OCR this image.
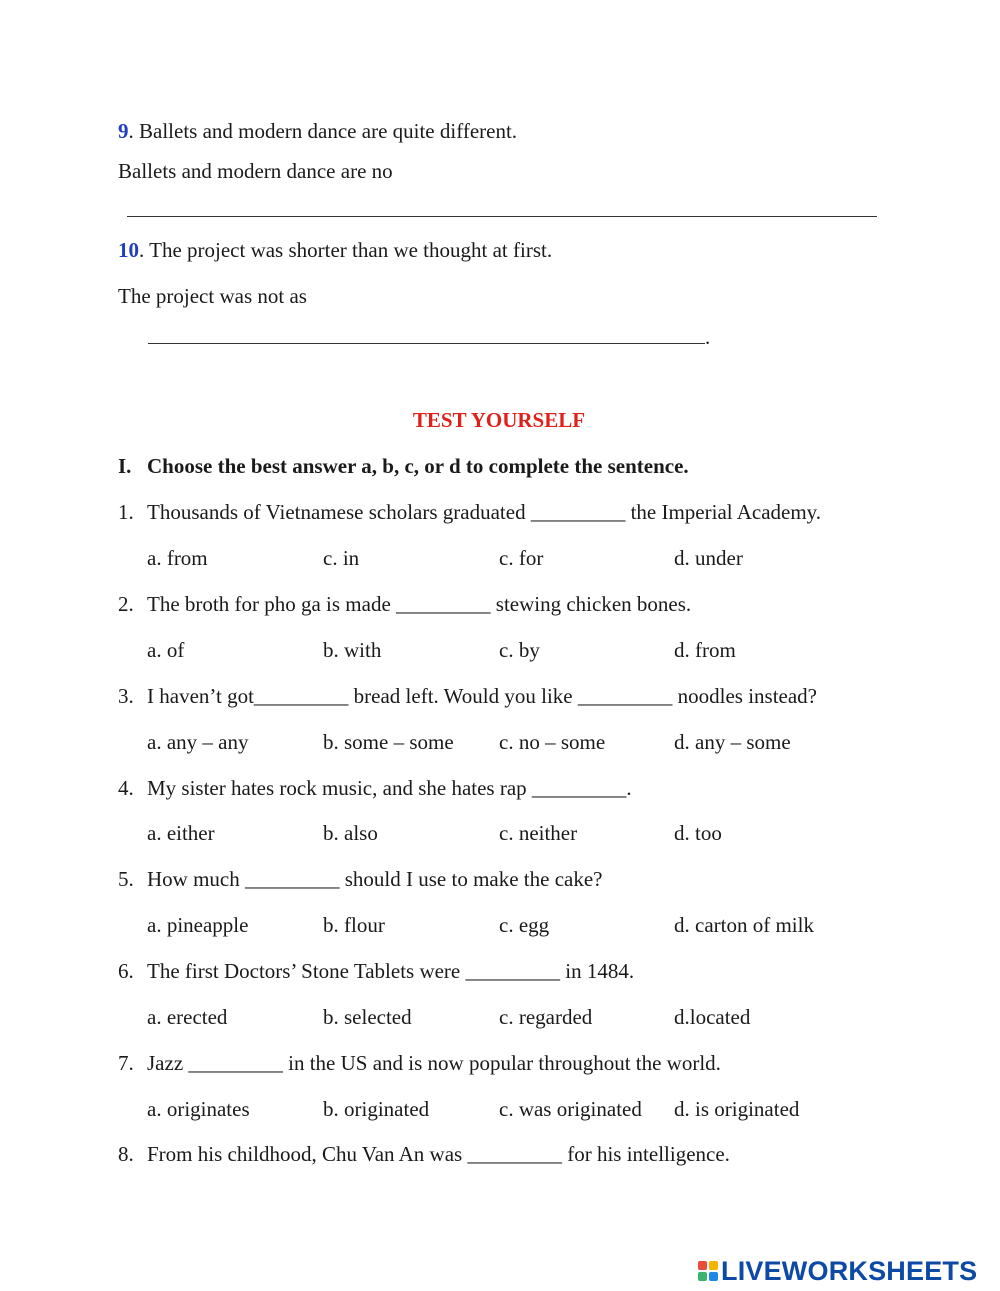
9. Ballets and modern dance are quite different.
Ballets and modern dance are no
10. The project was shorter than we thought at first.
The project was not as
.
TEST YOURSELF
I. Choose the best answer a, b, c, or d to complete the sentence.
1. Thousands of Vietnamese scholars graduated _________ the Imperial Academy.
a. from	c. in	c. for	d. under
2. The broth for pho ga is made _________ stewing chicken bones.
a. of	b. with	c. by	d. from
3. I haven’t got_________ bread left. Would you like _________ noodles instead?
a. any – any	b. some – some c. no – some	d. any – some
4. My sister hates rock music, and she hates rap _________.
a. either	b. also	c. neither	d. too
5. How much _________ should I use to make the cake?
a. pineapple	b. flour	c. egg	d. carton of milk
6. The first Doctors’ Stone Tablets were _________ in 1484.
a. erected	b. selected	c. regarded	d.located
7. Jazz _________ in the US and is now popular throughout the world.
a. originates	b. originated	c. was originated d. is originated
8. From his childhood, Chu Van An was _________ for his intelligence.
LIVEWORKSHEETS
